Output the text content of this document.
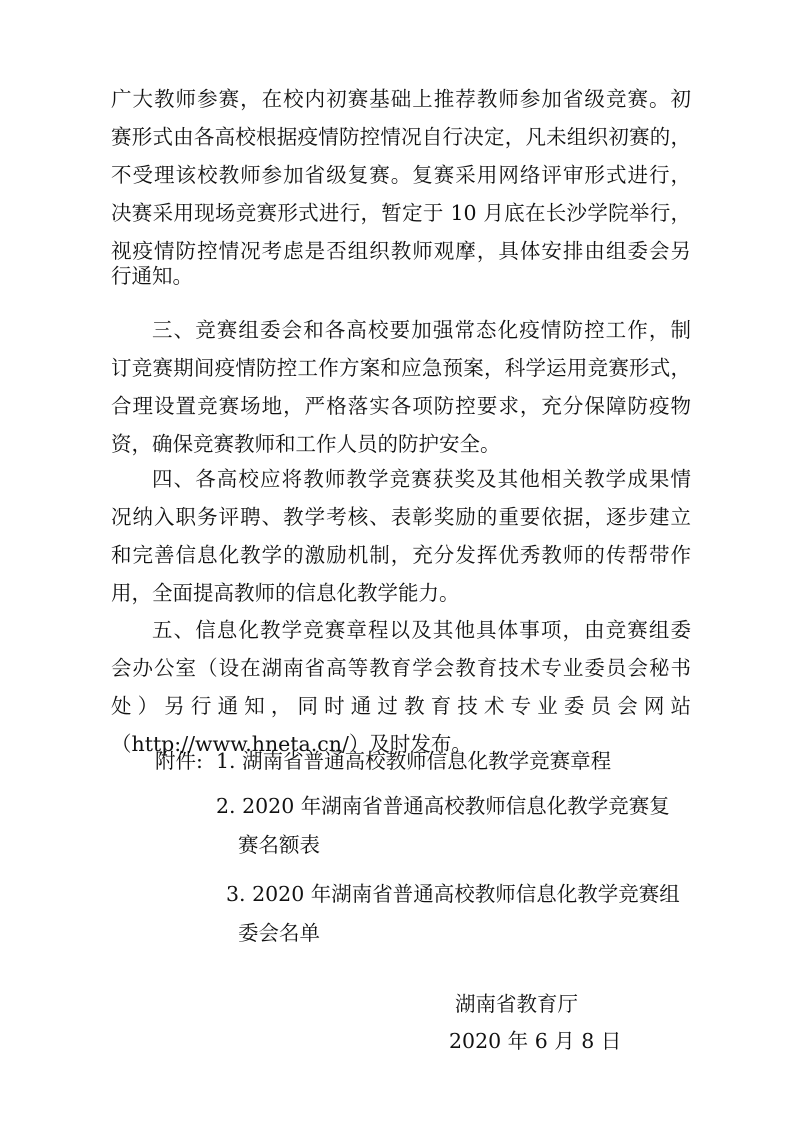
广大教师参赛，在校内初赛基础上推荐教师参加省级竞赛。初
赛形式由各高校根据疫情防控情况自行决定，凡未组织初赛的，
不受理该校教师参加省级复赛。复赛采用网络评审形式进行，
决赛采用现场竞赛形式进行，暂定于 10 月底在长沙学院举行，
视疫情防控情况考虑是否组织教师观摩，具体安排由组委会另
行通知。
三、竞赛组委会和各高校要加强常态化疫情防控工作，制
订竞赛期间疫情防控工作方案和应急预案，科学运用竞赛形式，
合理设置竞赛场地，严格落实各项防控要求，充分保障防疫物
资，确保竞赛教师和工作人员的防护安全。
四、各高校应将教师教学竞赛获奖及其他相关教学成果情
况纳入职务评聘、教学考核、表彰奖励的重要依据，逐步建立
和完善信息化教学的激励机制，充分发挥优秀教师的传帮带作
用，全面提高教师的信息化教学能力。
五、信息化教学竞赛章程以及其他具体事项，由竞赛组委
会办公室（设在湖南省高等教育学会教育技术专业委员会秘书
处）另行通知，同时通过教育技术专业委员会网站
（http://www.hneta.cn/）及时发布。
附件: 1. 湖南省普通高校教师信息化教学竞赛章程
2. 2020 年湖南省普通高校教师信息化教学竞赛复
赛名额表
3. 2020 年湖南省普通高校教师信息化教学竞赛组
委会名单
湖南省教育厅
2020 年 6 月 8 日
